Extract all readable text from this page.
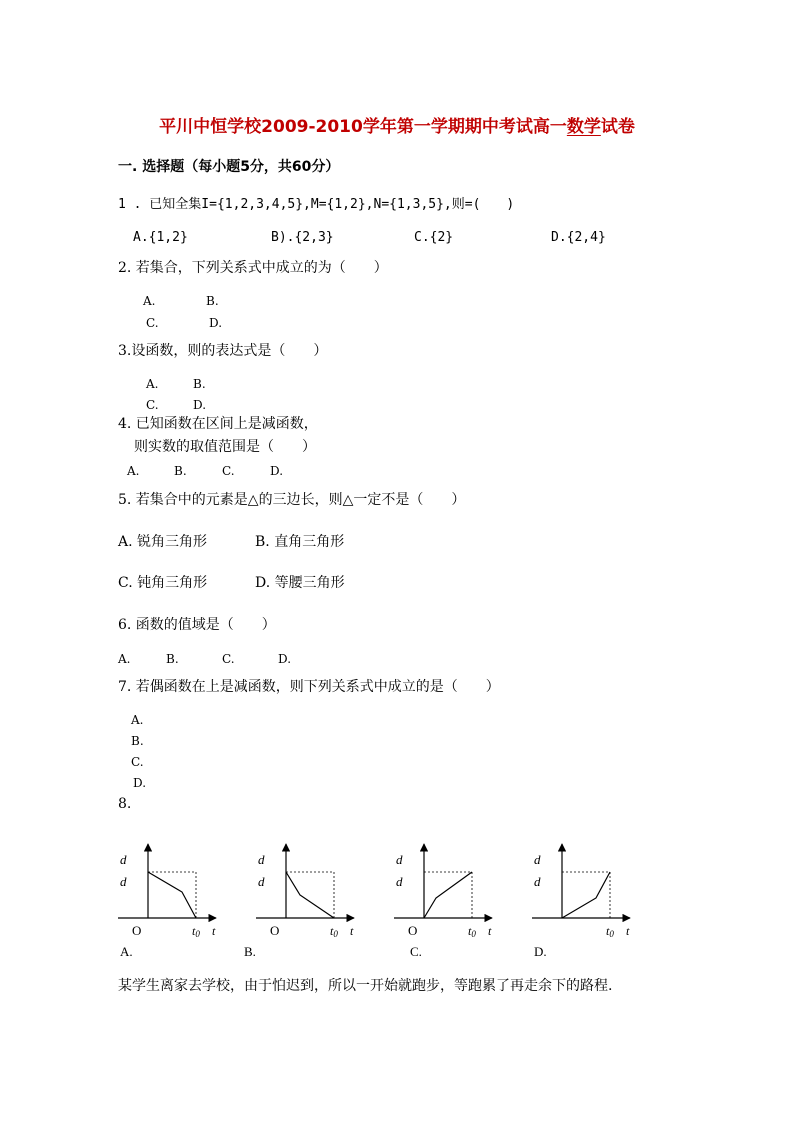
平川中恒学校2009-2010学年第一学期期中考试高一数学试卷
一. 选择题（每小题5分，共60分）
1 . 已知全集I={1,2,3,4,5},M={1,2},N={1,3,5},则=(　　)
A.{1,2}	B).{2,3}	C.{2}	D.{2,4}
2. 若集合，下列关系式中成立的为（　　）
A.	B.
C.	D.
3.设函数，则的表达式是（　　）
A.	B.
C.	D.
4. 已知函数在区间上是减函数，
则实数的取值范围是（　　）
A.	B.	C.	D.
5. 若集合中的元素是△的三边长，则△一定不是（　　）
A. 锐角三角形	B. 直角三角形
C. 钝角三角形	D. 等腰三角形
6. 函数的值域是（　　）
A.	B.	C.	D.
7. 若偶函数在上是减函数，则下列关系式中成立的是（　　）
A.
B.
C.
D.
8.
d
d
O	t0 t
A.
d
d
O	t0 t
B.
d
d
O	t0 t
C.
d
d
t0 t
D.
某学生离家去学校，由于怕迟到，所以一开始就跑步，等跑累了再走余下的路程.
